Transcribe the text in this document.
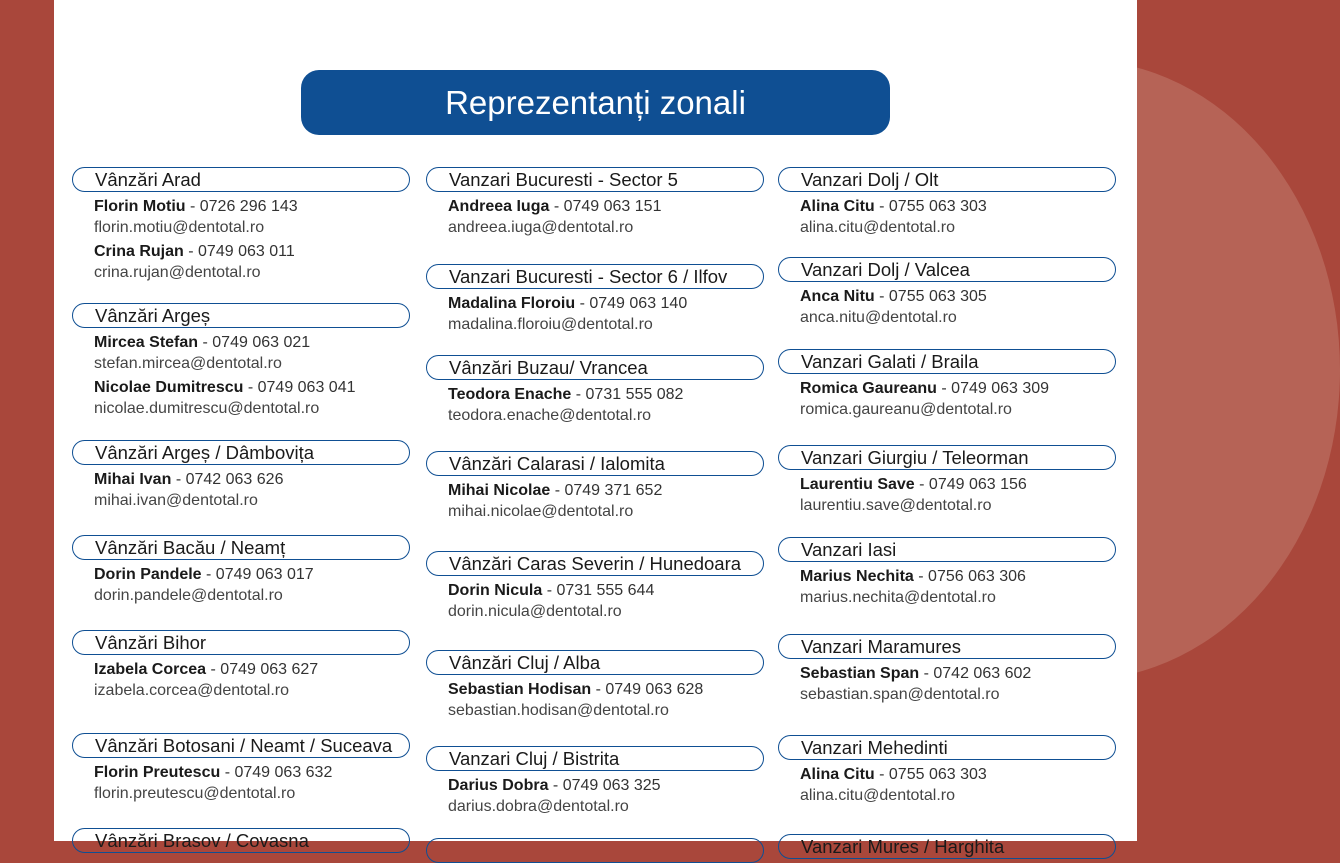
Reprezentanți zonali
Vânzări Arad
Florin Motiu - 0726 296 143
florin.motiu@dentotal.ro
Crina Rujan - 0749 063 011
crina.rujan@dentotal.ro
Vânzări Argeș
Mircea Stefan - 0749 063 021
stefan.mircea@dentotal.ro
Nicolae Dumitrescu - 0749 063 041
nicolae.dumitrescu@dentotal.ro
Vânzări Argeș / Dâmbovița
Mihai Ivan - 0742 063 626
mihai.ivan@dentotal.ro
Vânzări Bacău / Neamț
Dorin Pandele - 0749 063 017
dorin.pandele@dentotal.ro
Vânzări Bihor
Izabela Corcea - 0749 063 627
izabela.corcea@dentotal.ro
Vânzări Botosani / Neamt / Suceava
Florin Preutescu - 0749 063 632
florin.preutescu@dentotal.ro
Vânzări Brasov / Covasna
Vanzari Bucuresti - Sector 5
Andreea Iuga - 0749 063 151
andreea.iuga@dentotal.ro
Vanzari Bucuresti - Sector 6 / Ilfov
Madalina Floroiu - 0749 063 140
madalina.floroiu@dentotal.ro
Vânzări Buzau/ Vrancea
Teodora Enache - 0731 555 082
teodora.enache@dentotal.ro
Vânzări Calarasi / Ialomita
Mihai Nicolae - 0749 371 652
mihai.nicolae@dentotal.ro
Vânzări Caras Severin / Hunedoara
Dorin Nicula - 0731 555 644
dorin.nicula@dentotal.ro
Vânzări Cluj / Alba
Sebastian Hodisan - 0749 063 628
sebastian.hodisan@dentotal.ro
Vanzari Cluj / Bistrita
Darius Dobra - 0749 063 325
darius.dobra@dentotal.ro
Vanzari Dolj / Olt
Alina Citu - 0755 063 303
alina.citu@dentotal.ro
Vanzari Dolj / Valcea
Anca Nitu - 0755 063 305
anca.nitu@dentotal.ro
Vanzari Galati / Braila
Romica Gaureanu - 0749 063 309
romica.gaureanu@dentotal.ro
Vanzari Giurgiu / Teleorman
Laurentiu Save - 0749 063 156
laurentiu.save@dentotal.ro
Vanzari Iasi
Marius Nechita - 0756 063 306
marius.nechita@dentotal.ro
Vanzari Maramures
Sebastian Span - 0742 063 602
sebastian.span@dentotal.ro
Vanzari Mehedinti
Alina Citu - 0755 063 303
alina.citu@dentotal.ro
Vanzari Mures / Harghita
